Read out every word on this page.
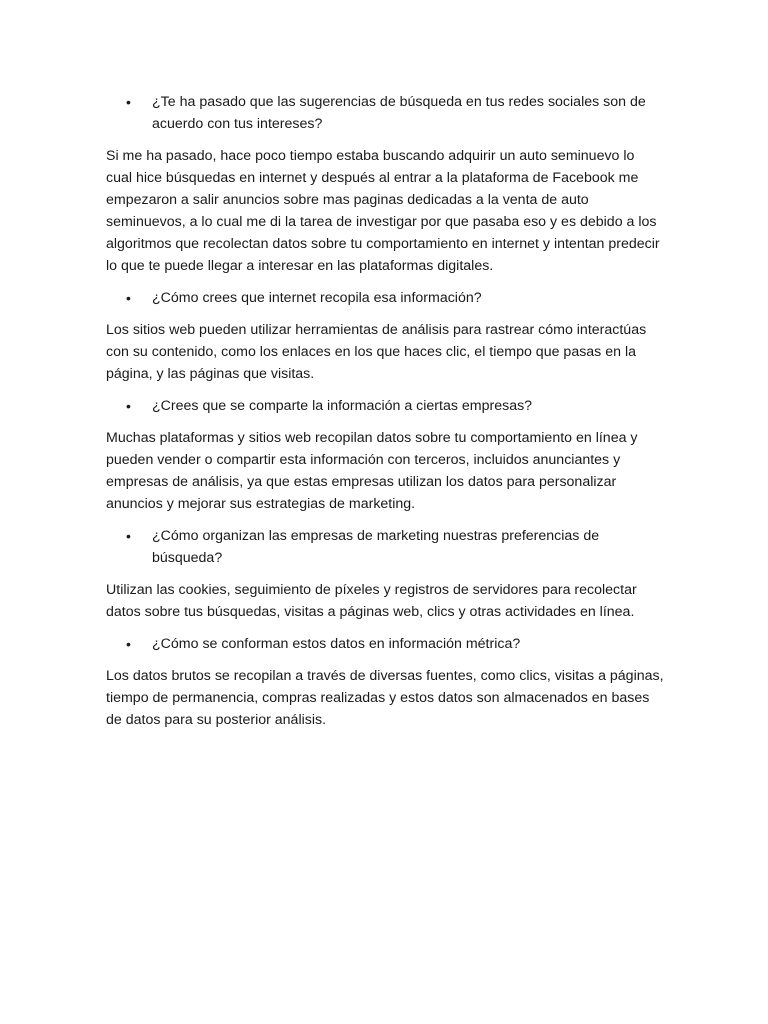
• ¿Te ha pasado que las sugerencias de búsqueda en tus redes sociales son de acuerdo con tus intereses?

Si me ha pasado, hace poco tiempo estaba buscando adquirir un auto seminuevo lo cual hice búsquedas en internet y después al entrar a la plataforma de Facebook me empezaron a salir anuncios sobre mas paginas dedicadas a la venta de auto seminuevos, a lo cual me di la tarea de investigar por que pasaba eso y es debido a los algoritmos que recolectan datos sobre tu comportamiento en internet y intentan predecir lo que te puede llegar a interesar en las plataformas digitales.

• ¿Cómo crees que internet recopila esa información?

Los sitios web pueden utilizar herramientas de análisis para rastrear cómo interactúas con su contenido, como los enlaces en los que haces clic, el tiempo que pasas en la página, y las páginas que visitas.

• ¿Crees que se comparte la información a ciertas empresas?

Muchas plataformas y sitios web recopilan datos sobre tu comportamiento en línea y pueden vender o compartir esta información con terceros, incluidos anunciantes y empresas de análisis, ya que estas empresas utilizan los datos para personalizar anuncios y mejorar sus estrategias de marketing.

• ¿Cómo organizan las empresas de marketing nuestras preferencias de búsqueda?

Utilizan las cookies, seguimiento de píxeles y registros de servidores para recolectar datos sobre tus búsquedas, visitas a páginas web, clics y otras actividades en línea.

• ¿Cómo se conforman estos datos en información métrica?

Los datos brutos se recopilan a través de diversas fuentes, como clics, visitas a páginas, tiempo de permanencia, compras realizadas y estos datos son almacenados en bases de datos para su posterior análisis.
